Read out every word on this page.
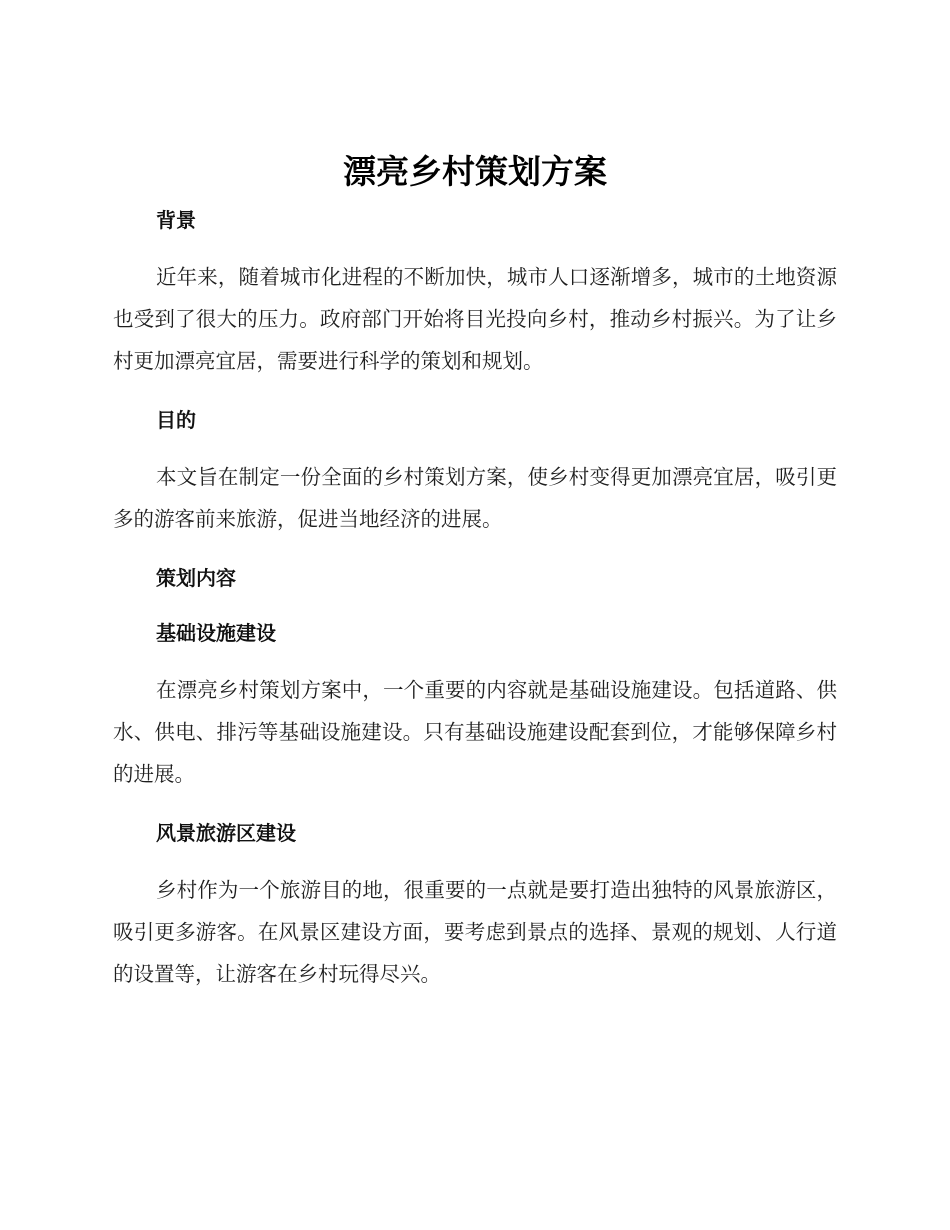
漂亮乡村策划方案
背景

近年来，随着城市化进程的不断加快，城市人口逐渐增多，城市的土地资源也受到了很大的压力。政府部门开始将目光投向乡村，推动乡村振兴。为了让乡村更加漂亮宜居，需要进行科学的策划和规划。

目的

本文旨在制定一份全面的乡村策划方案，使乡村变得更加漂亮宜居，吸引更多的游客前来旅游，促进当地经济的进展。

策划内容
基础设施建设

在漂亮乡村策划方案中，一个重要的内容就是基础设施建设。包括道路、供水、供电、排污等基础设施建设。只有基础设施建设配套到位，才能够保障乡村的进展。

风景旅游区建设

乡村作为一个旅游目的地，很重要的一点就是要打造出独特的风景旅游区，吸引更多游客。在风景区建设方面，要考虑到景点的选择、景观的规划、人行道的设置等，让游客在乡村玩得尽兴。
